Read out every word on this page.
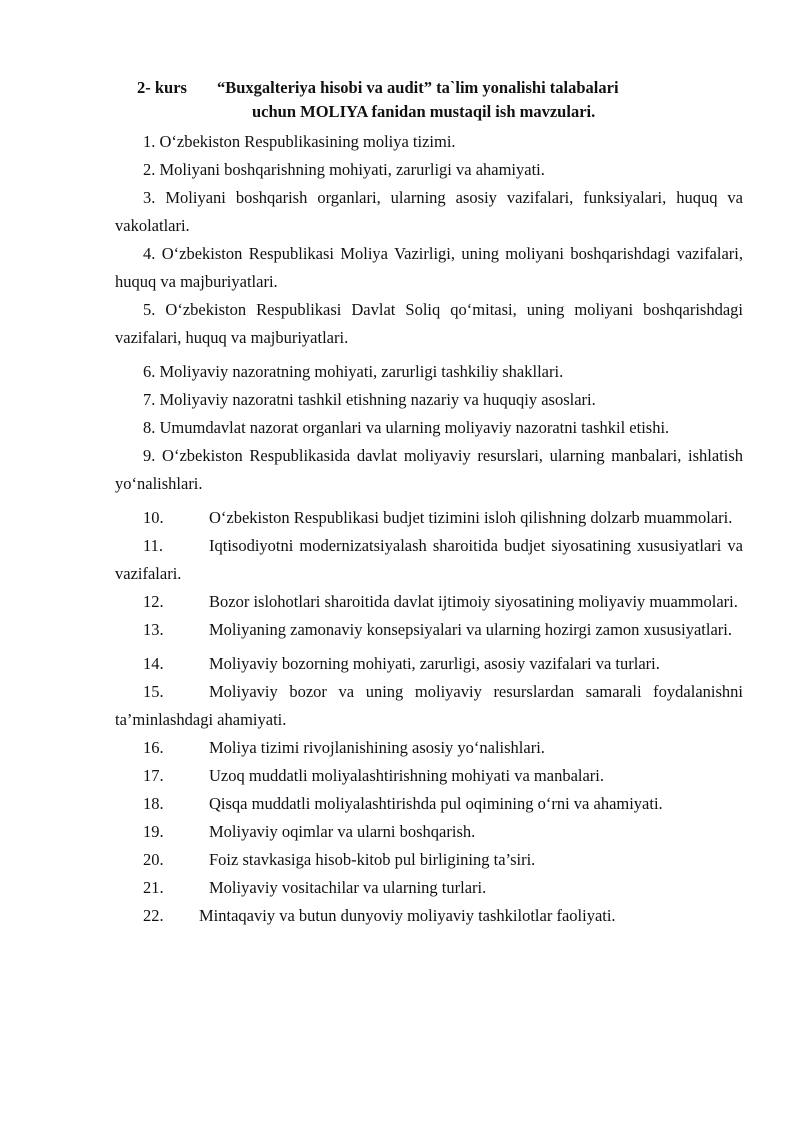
2- kurs “Buxgalteriya hisobi va audit” ta`lim yonalishi talabalari
uchun MOLIYA fanidan mustaqil ish mavzulari.
1. O‘zbekiston Respublikasining moliya tizimi.
2. Moliyani boshqarishning mohiyati, zarurligi va ahamiyati.
3. Moliyani boshqarish organlari, ularning asosiy vazifalari, funksiyalari, huquq va vakolatlari.
4. O‘zbekiston Respublikasi Moliya Vazirligi, uning moliyani boshqarishdagi vazifalari, huquq va majburiyatlari.
5. O‘zbekiston Respublikasi Davlat Soliq qo‘mitasi, uning moliyani boshqarishdagi vazifalari, huquq va majburiyatlari.
6. Moliyaviy nazoratning mohiyati, zarurligi tashkiliy shakllari.
7. Moliyaviy nazoratni tashkil etishning nazariy va huquqiy asoslari.
8. Umumdavlat nazorat organlari va ularning moliyaviy nazoratni tashkil etishi.
9. O‘zbekiston Respublikasida davlat moliyaviy resurslari, ularning manbalari, ishlatish yo‘nalishlari.
10.	O‘zbekiston Respublikasi budjet tizimini isloh qilishning dolzarb muammolari.
11.	Iqtisodiyotni modernizatsiyalash sharoitida budjet siyosatining xususiyatlari va vazifalari.
12.	Bozor islohotlari sharoitida davlat ijtimoiy siyosatining moliyaviy muammolari.
13.	Moliyaning zamonaviy konsepsiyalari va ularning hozirgi zamon xususiyatlari.
14.	Moliyaviy bozorning mohiyati, zarurligi, asosiy vazifalari va turlari.
15.	Moliyaviy bozor va uning moliyaviy resurslardan samarali foydalanishni ta’minlashdagi ahamiyati.
16.	Moliya tizimi rivojlanishining asosiy yo‘nalishlari.
17.	Uzoq muddatli moliyalashtirishning mohiyati va manbalari.
18.	Qisqa muddatli moliyalashtirishda pul oqimining o‘rni va ahamiyati.
19.	Moliyaviy oqimlar va ularni boshqarish.
20.	Foiz stavkasiga hisob-kitob pul birligining ta’siri.
21.	Moliyaviy vositachilar va ularning turlari.
22. Mintaqaviy va butun dunyoviy moliyaviy tashkilotlar faoliyati.
